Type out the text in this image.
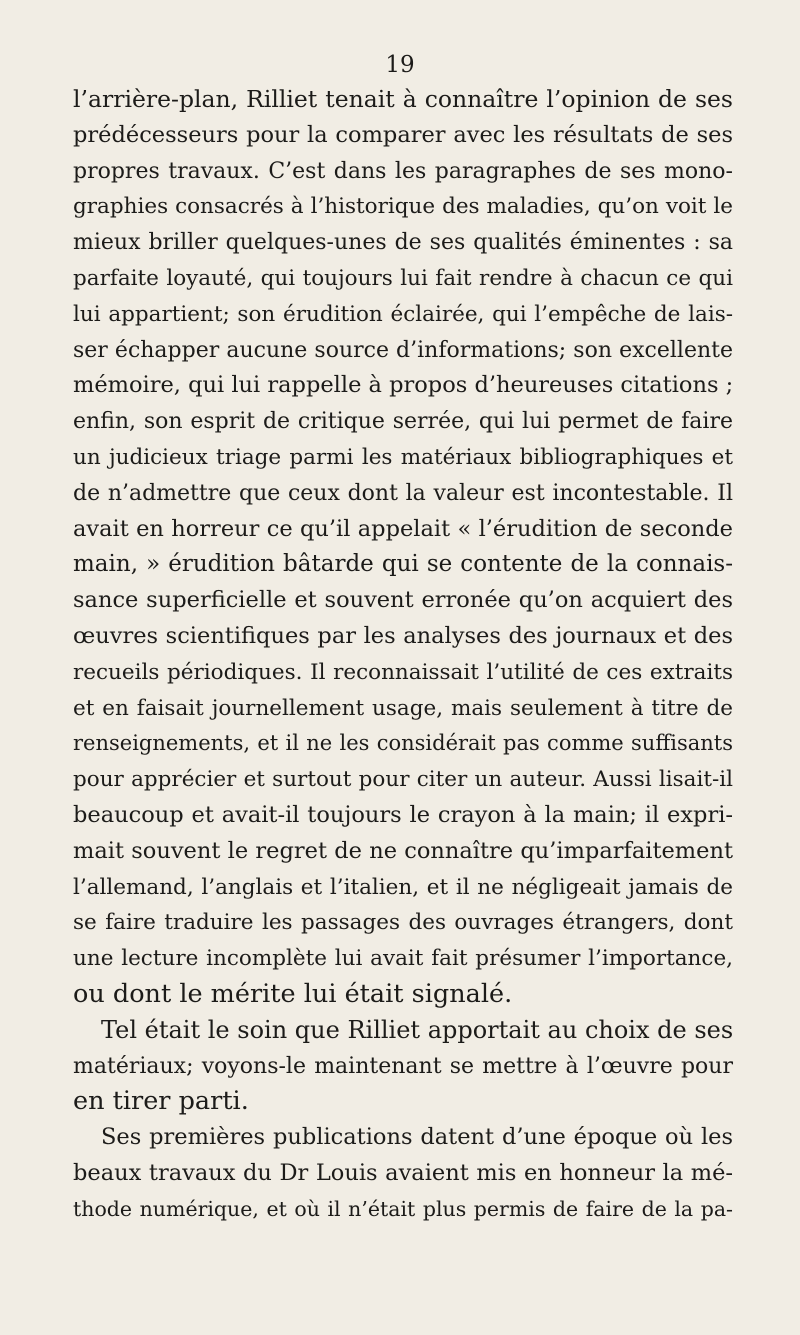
19
l’arrière-plan, Rilliet tenait à connaître l’opinion de ses
prédécesseurs pour la comparer avec les résultats de ses
propres travaux. C’est dans les paragraphes de ses mono-
graphies consacrés à l’historique des maladies, qu’on voit le
mieux briller quelques-unes de ses qualités éminentes : sa
parfaite loyauté, qui toujours lui fait rendre à chacun ce qui
lui appartient; son érudition éclairée, qui l’empêche de lais-
ser échapper aucune source d’informations; son excellente
mémoire, qui lui rappelle à propos d’heureuses citations ;
enfin, son esprit de critique serrée, qui lui permet de faire
un judicieux triage parmi les matériaux bibliographiques et
de n’admettre que ceux dont la valeur est incontestable. Il
avait en horreur ce qu’il appelait « l’érudition de seconde
main, » érudition bâtarde qui se contente de la connais-
sance superficielle et souvent erronée qu’on acquiert des
œuvres scientifiques par les analyses des journaux et des
recueils périodiques. Il reconnaissait l’utilité de ces extraits
et en faisait journellement usage, mais seulement à titre de
renseignements, et il ne les considérait pas comme suffisants
pour apprécier et surtout pour citer un auteur. Aussi lisait-il
beaucoup et avait-il toujours le crayon à la main; il expri-
mait souvent le regret de ne connaître qu’imparfaitement
l’allemand, l’anglais et l’italien, et il ne négligeait jamais de
se faire traduire les passages des ouvrages étrangers, dont
une lecture incomplète lui avait fait présumer l’importance,
ou dont le mérite lui était signalé.
Tel était le soin que Rilliet apportait au choix de ses
matériaux; voyons-le maintenant se mettre à l’œuvre pour
en tirer parti.
Ses premières publications datent d’une époque où les
beaux travaux du Dr Louis avaient mis en honneur la mé-
thode numérique, et où il n’était plus permis de faire de la pa-
